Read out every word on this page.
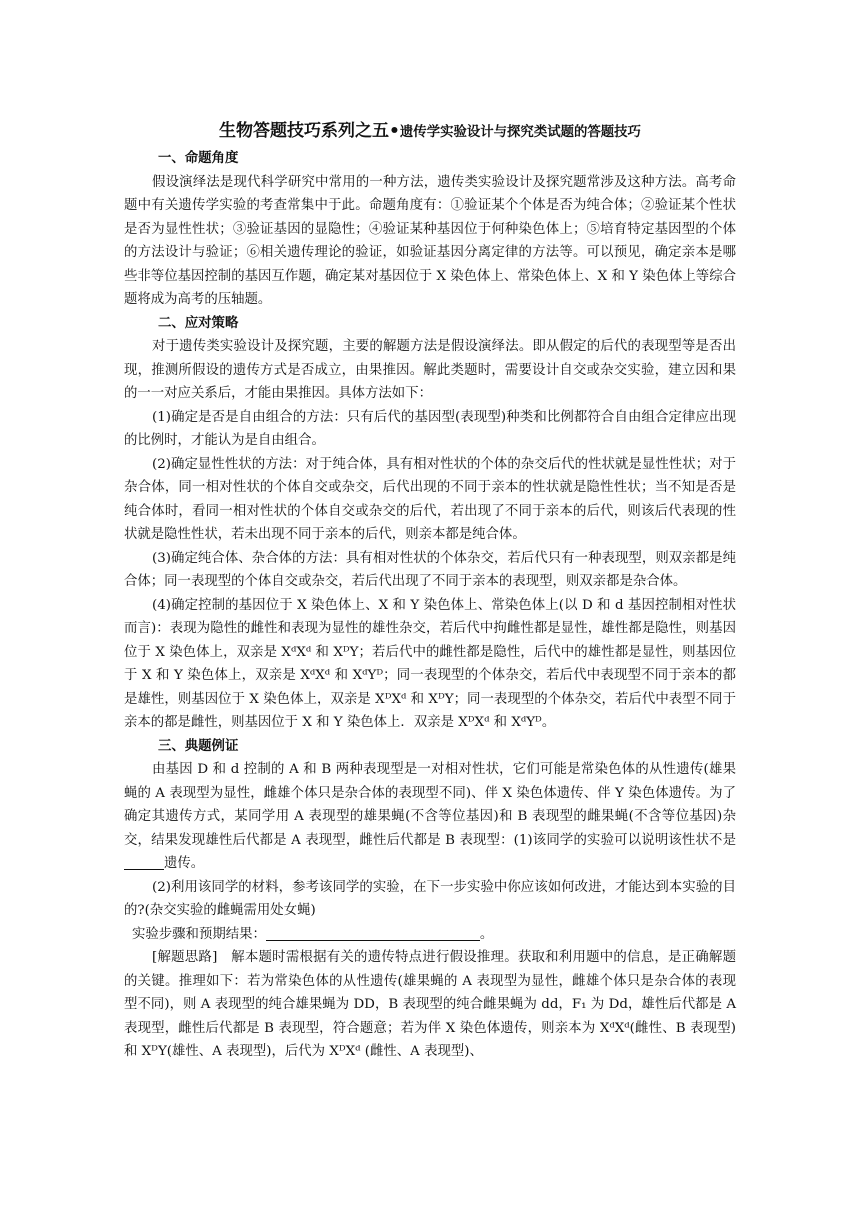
生物答题技巧系列之五•遗传学实验设计与探究类试题的答题技巧

一、命题角度

假设演绎法是现代科学研究中常用的一种方法，遗传类实验设计及探究题常涉及这种方法。高考命题中有关遗传学实验的考查常集中于此。命题角度有：①验证某个个体是否为纯合体；②验证某个性状是否为显性性状；③验证基因的显隐性；④验证某种基因位于何种染色体上；⑤培育特定基因型的个体的方法设计与验证；⑥相关遗传理论的验证，如验证基因分离定律的方法等。可以预见，确定亲本是哪些非等位基因控制的基因互作题，确定某对基因位于 X 染色体上、常染色体上、X 和 Y 染色体上等综合题将成为高考的压轴题。

二、应对策略

对于遗传类实验设计及探究题，主要的解题方法是假设演绎法。即从假定的后代的表现型等是否出现，推测所假设的遗传方式是否成立，由果推因。解此类题时，需要设计自交或杂交实验，建立因和果的一一对应关系后，才能由果推因。具体方法如下：

(1)确定是否是自由组合的方法：只有后代的基因型(表现型)种类和比例都符合自由组合定律应出现的比例时，才能认为是自由组合。

(2)确定显性性状的方法：对于纯合体，具有相对性状的个体的杂交后代的性状就是显性性状；对于杂合体，同一相对性状的个体自交或杂交，后代出现的不同于亲本的性状就是隐性性状；当不知是否是纯合体时，看同一相对性状的个体自交或杂交的后代，若出现了不同于亲本的后代，则该后代表现的性状就是隐性性状，若未出现不同于亲本的后代，则亲本都是纯合体。

(3)确定纯合体、杂合体的方法：具有相对性状的个体杂交，若后代只有一种表现型，则双亲都是纯合体；同一表现型的个体自交或杂交，若后代出现了不同于亲本的表现型，则双亲都是杂合体。

(4)确定控制的基因位于 X 染色体上、X 和 Y 染色体上、常染色体上(以 D 和 d 基因控制相对性状而言)：表现为隐性的雌性和表现为显性的雄性杂交，若后代中拘雌性都是显性，雄性都是隐性，则基因位于 X 染色体上，双亲是 XᵈXᵈ 和 XᴰY；若后代中的雌性都是隐性，后代中的雄性都是显性，则基因位于 X 和 Y 染色体上，双亲是 XᵈXᵈ 和 XᵈYᴰ；同一表现型的个体杂交，若后代中表现型不同于亲本的都是雄性，则基因位于 X 染色体上，双亲是 XᴰXᵈ 和 XᴰY；同一表现型的个体杂交，若后代中表型不同于亲本的都是雌性，则基因位于 X 和 Y 染色体上．双亲是 XᴰXᵈ 和 XᵈYᴰ。

三、典题例证

由基因 D 和 d 控制的 A 和 B 两种表现型是一对相对性状，它们可能是常染色体的从性遗传(雄果蝇的 A 表现型为显性，雌雄个体只是杂合体的表现型不同)、伴 X 染色体遗传、伴 Y 染色体遗传。为了确定其遗传方式，某同学用 A 表现型的雄果蝇(不含等位基因)和 B 表现型的雌果蝇(不含等位基因)杂交，结果发现雄性后代都是 A 表现型，雌性后代都是 B 表现型：(1)该同学的实验可以说明该性状不是遗传。

(2)利用该同学的材料，参考该同学的实验，在下一步实验中你应该如何改进，才能达到本实验的目的?(杂交实验的雌蝇需用处女蝇)

实验步骤和预期结果：	。

[解题思路]　解本题时需根据有关的遗传特点进行假设推理。获取和利用题中的信息，是正确解题的关键。推理如下：若为常染色体的从性遗传(雄果蝇的 A 表现型为显性，雌雄个体只是杂合体的表现型不同)，则 A 表现型的纯合雄果蝇为 DD，B 表现型的纯合雌果蝇为 dd，F₁ 为 Dd，雄性后代都是 A 表现型，雌性后代都是 B 表现型，符合题意；若为伴 X 染色体遗传，则亲本为 XᵈXᵈ(雌性、B 表现型)和 XᴰY(雄性、A 表现型)，后代为 XᴰXᵈ (雌性、A 表现型)、
